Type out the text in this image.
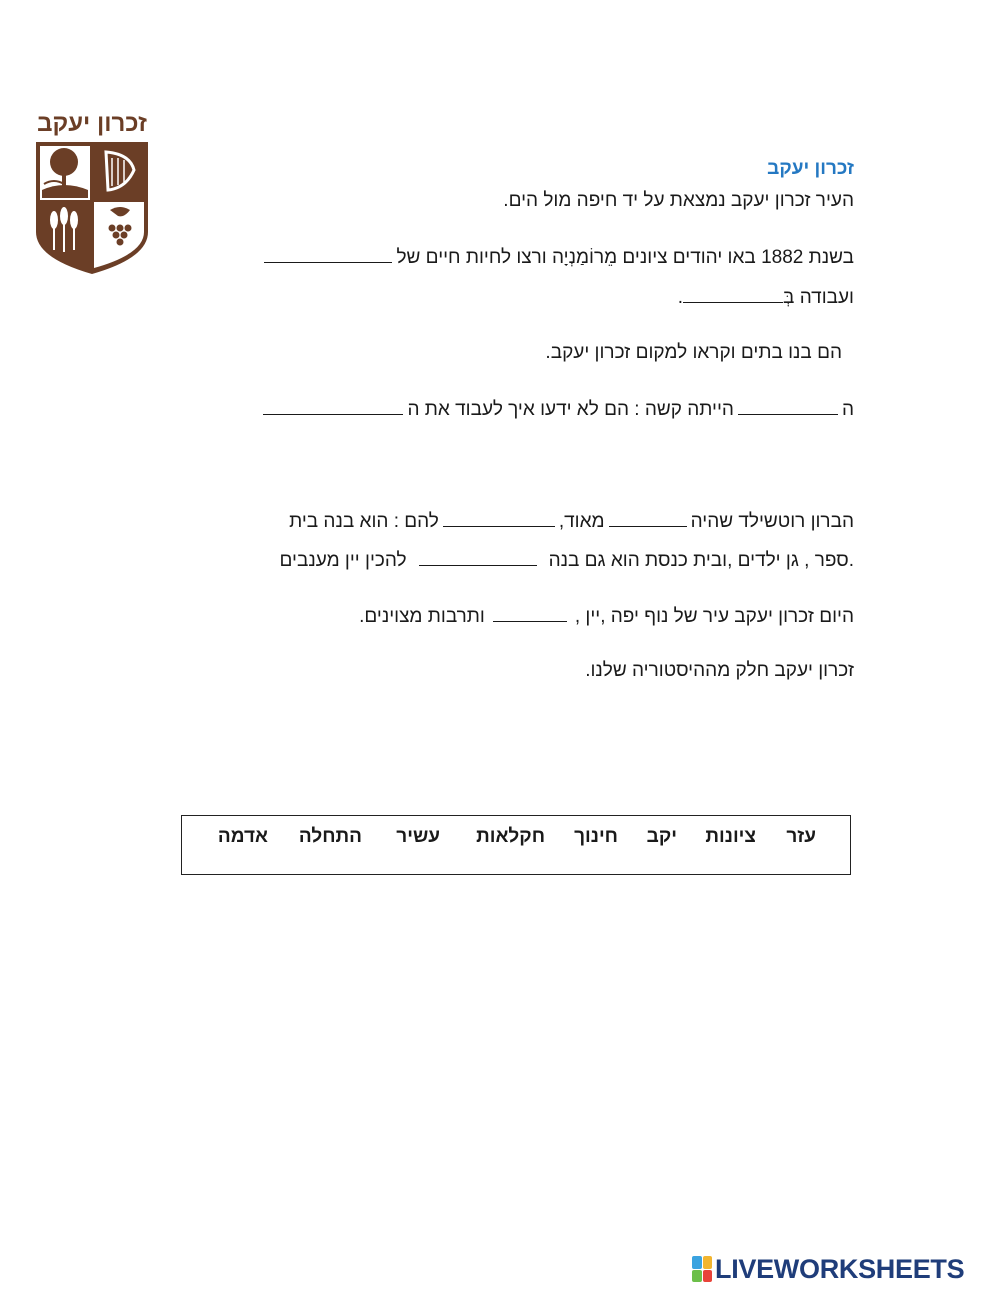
זכרון יעקב
זכרון יעקב
העיר זכרון יעקב נמצאת על יד חיפה מול הים.
בשנת 1882 באו יהודים ציונים מֵרוֹמַנְיָה ורצו לחיות חיים של
ועבודה בְּ.
הם בנו בתים וקראו למקום זכרון יעקב.
ההייתה קשה : הם לא ידעו איך לעבוד את ה
הברון רוטשילד שהיהמאוד,להם : הוא בנה בית
.ספר , גן ילדים ,ובית כנסת הוא גם בנהלהכין יין מענבים
היום זכרון יעקב עיר של נוף יפה ,יין ,ותרבות מצוינים.
זכרון יעקב חלק מההיסטוריה שלנו.
עזר
ציונות
יקב
חינוך
חקלאות
עשיר
התחלה
אדמה
LIVEWORKSHEETS
